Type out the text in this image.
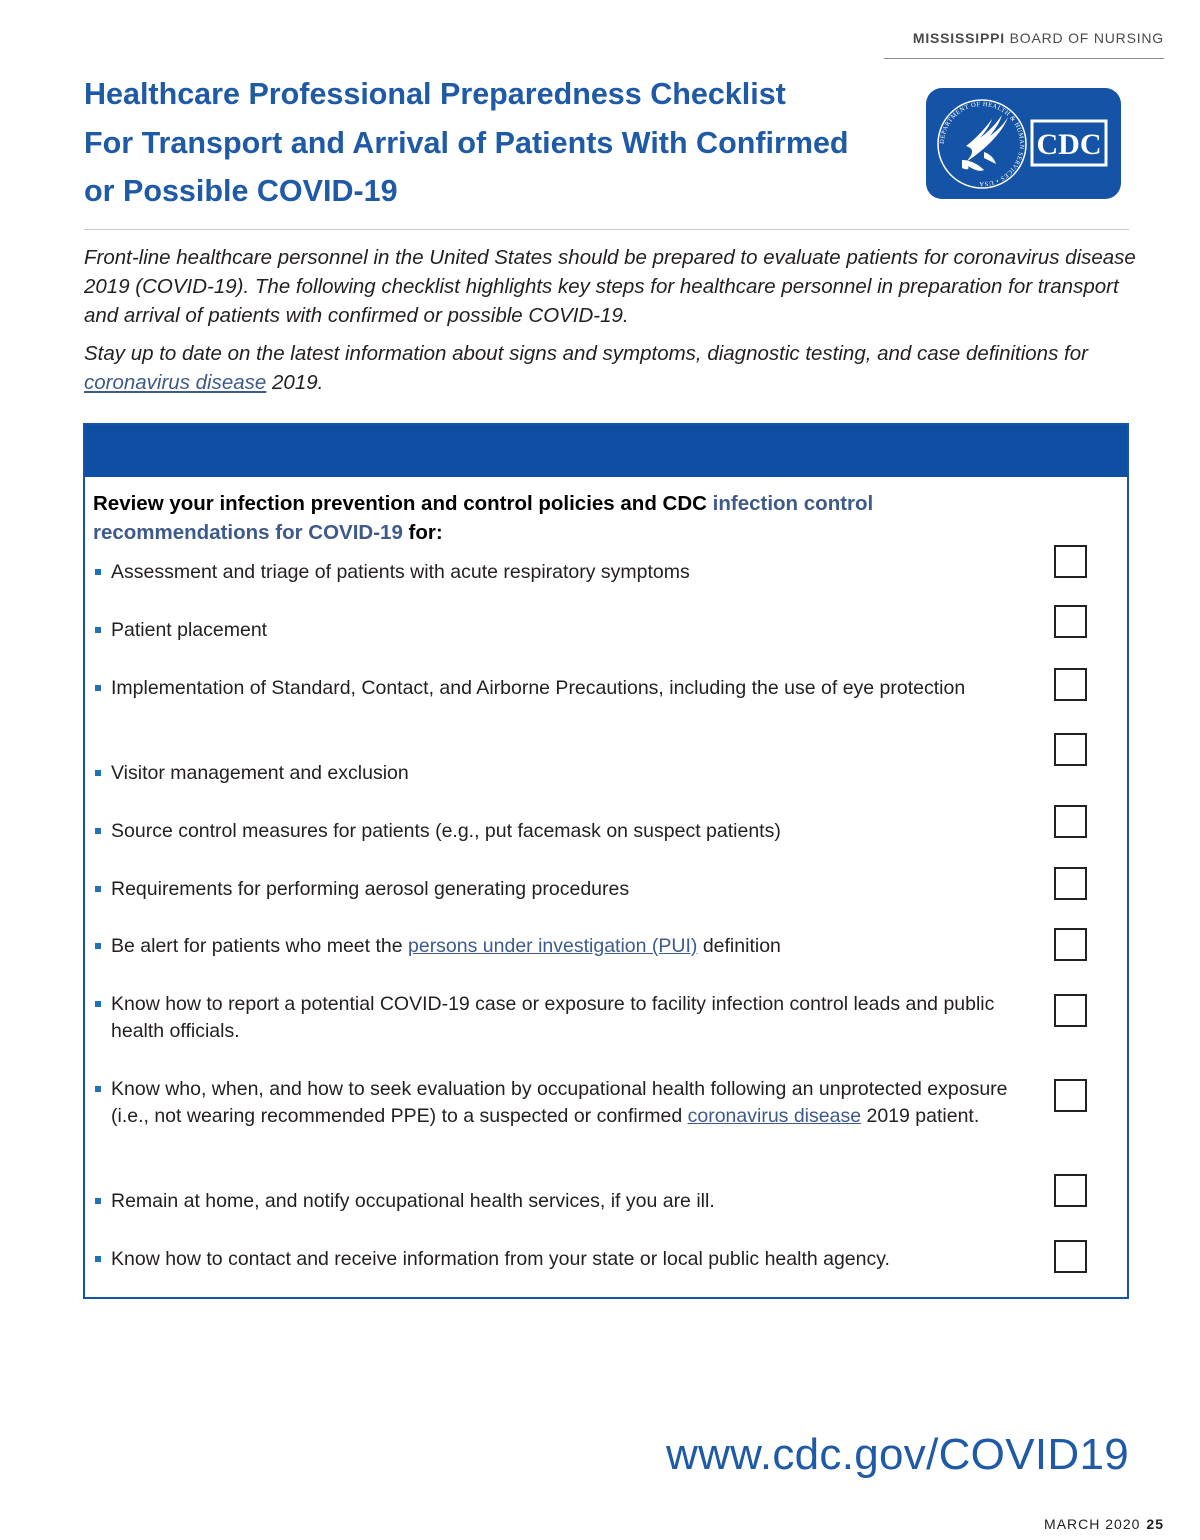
MISSISSIPPI BOARD OF NURSING
Healthcare Professional Preparedness Checklist
For Transport and Arrival of Patients With Confirmed
or Possible COVID-19
DEPARTMENT OF HEALTH & HUMAN SERVICES • USA
CDC

Front-line healthcare personnel in the United States should be prepared to evaluate patients for coronavirus disease 2019 (COVID-19). The following checklist highlights key steps for healthcare personnel in preparation for transport and arrival of patients with confirmed or possible COVID-19.

Stay up to date on the latest information about signs and symptoms, diagnostic testing, and case definitions for coronavirus disease 2019.

Review your infection prevention and control policies and CDC infection control recommendations for COVID-19 for:
Assessment and triage of patients with acute respiratory symptoms
Patient placement
Implementation of Standard, Contact, and Airborne Precautions, including the use of eye protection
Visitor management and exclusion
Source control measures for patients (e.g., put facemask on suspect patients)
Requirements for performing aerosol generating procedures
Be alert for patients who meet the persons under investigation (PUI) definition
Know how to report a potential COVID-19 case or exposure to facility infection control leads and public health officials.
Know who, when, and how to seek evaluation by occupational health following an unprotected exposure (i.e., not wearing recommended PPE) to a suspected or confirmed coronavirus disease 2019 patient.
Remain at home, and notify occupational health services, if you are ill.
Know how to contact and receive information from your state or local public health agency.
www.cdc.gov/COVID19
MARCH 2020 25
